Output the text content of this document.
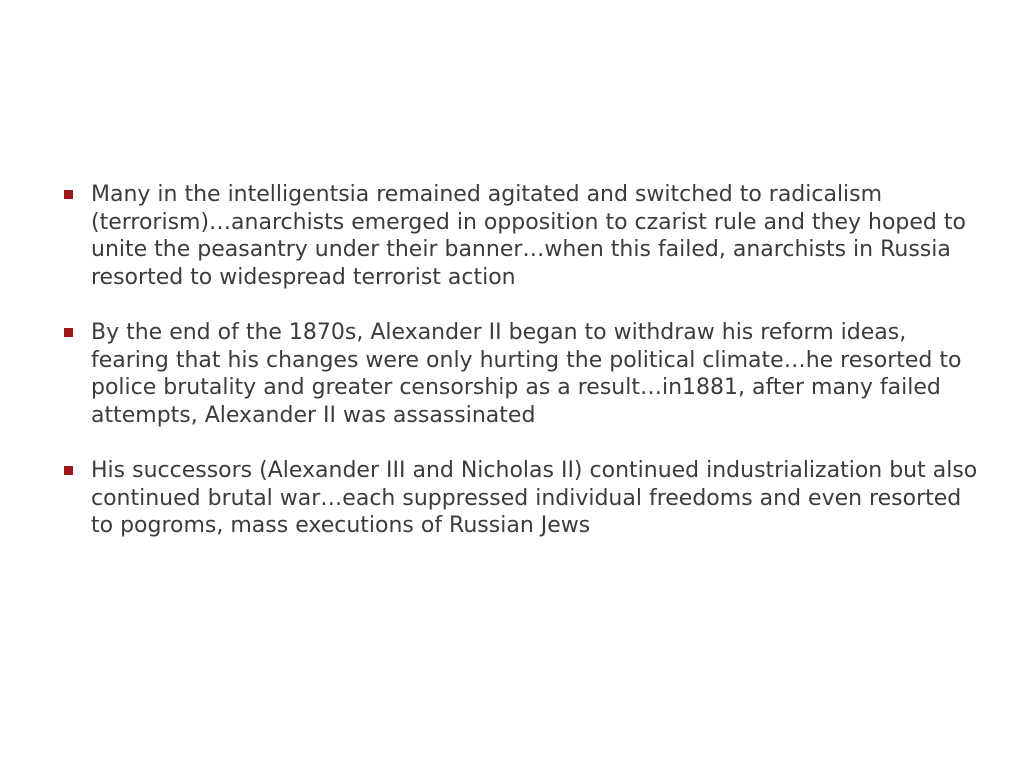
Many in the intelligentsia remained agitated and switched to radicalism (terrorism)…anarchists emerged in opposition to czarist rule and they hoped to unite the peasantry under their banner…when this failed, anarchists in Russia resorted to widespread terrorist action

By the end of the 1870s, Alexander II began to withdraw his reform ideas, fearing that his changes were only hurting the political climate…he resorted to police brutality and greater censorship as a result…in1881, after many failed attempts, Alexander II was assassinated

His successors (Alexander III and Nicholas II) continued industrialization but also continued brutal war…each suppressed individual freedoms and even resorted to pogroms, mass executions of Russian Jews
